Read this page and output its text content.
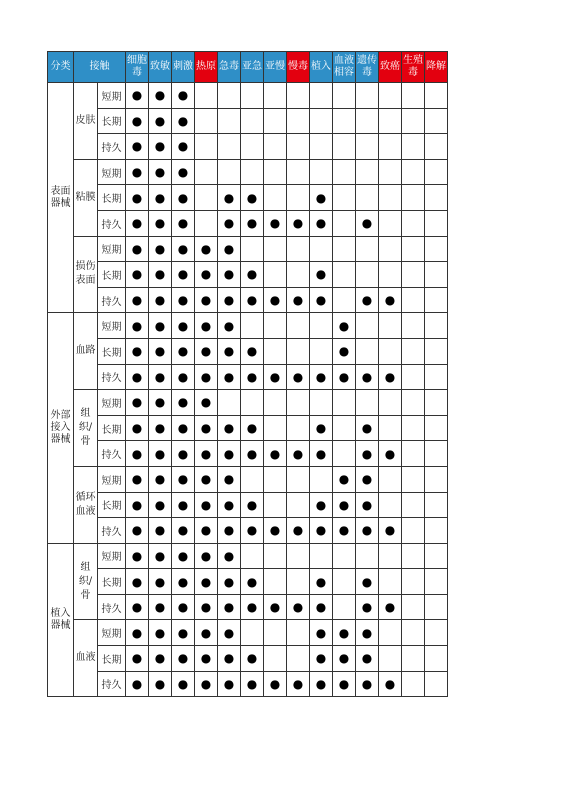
分类	接触		细胞毒	致敏	刺激	热原	急毒	亚急	亚慢	慢毒	植入	血液相容	遗传毒	致癌	生殖毒	降解

表面器械	皮肤	短期	●	●	●											
		长期	●	●	●											
		持久	●	●	●											
	粘膜	短期	●	●	●											
		长期	●	●	●		●	●			●					
		持久	●	●	●		●	●	●	●	●		●			
	损伤表面	短期	●	●	●	●	●									
		长期	●	●	●	●	●	●			●					
		持久	●	●	●	●	●	●	●	●	●		●	●		
外部接入器械	血路	短期	●	●	●	●	●					●				
		长期	●	●	●	●	●	●				●				
		持久	●	●	●	●	●	●	●	●	●	●	●	●		
	组织/骨	短期	●	●	●	●										
		长期	●	●	●	●	●	●			●		●			
		持久	●	●	●	●	●	●	●	●	●		●	●		
	循环血液	短期	●	●	●	●	●					●	●			
		长期	●	●	●	●	●	●			●	●	●			
		持久	●	●	●	●	●	●	●	●	●	●	●	●		
植入器械	组织/骨	短期	●	●	●	●	●									
		长期	●	●	●	●	●	●			●		●			
		持久	●	●	●	●	●	●	●	●	●		●	●		
	血液	短期	●	●	●	●	●				●	●	●			
		长期	●	●	●	●	●	●			●	●	●			
		持久	●	●	●	●	●	●	●	●	●	●	●	●		
